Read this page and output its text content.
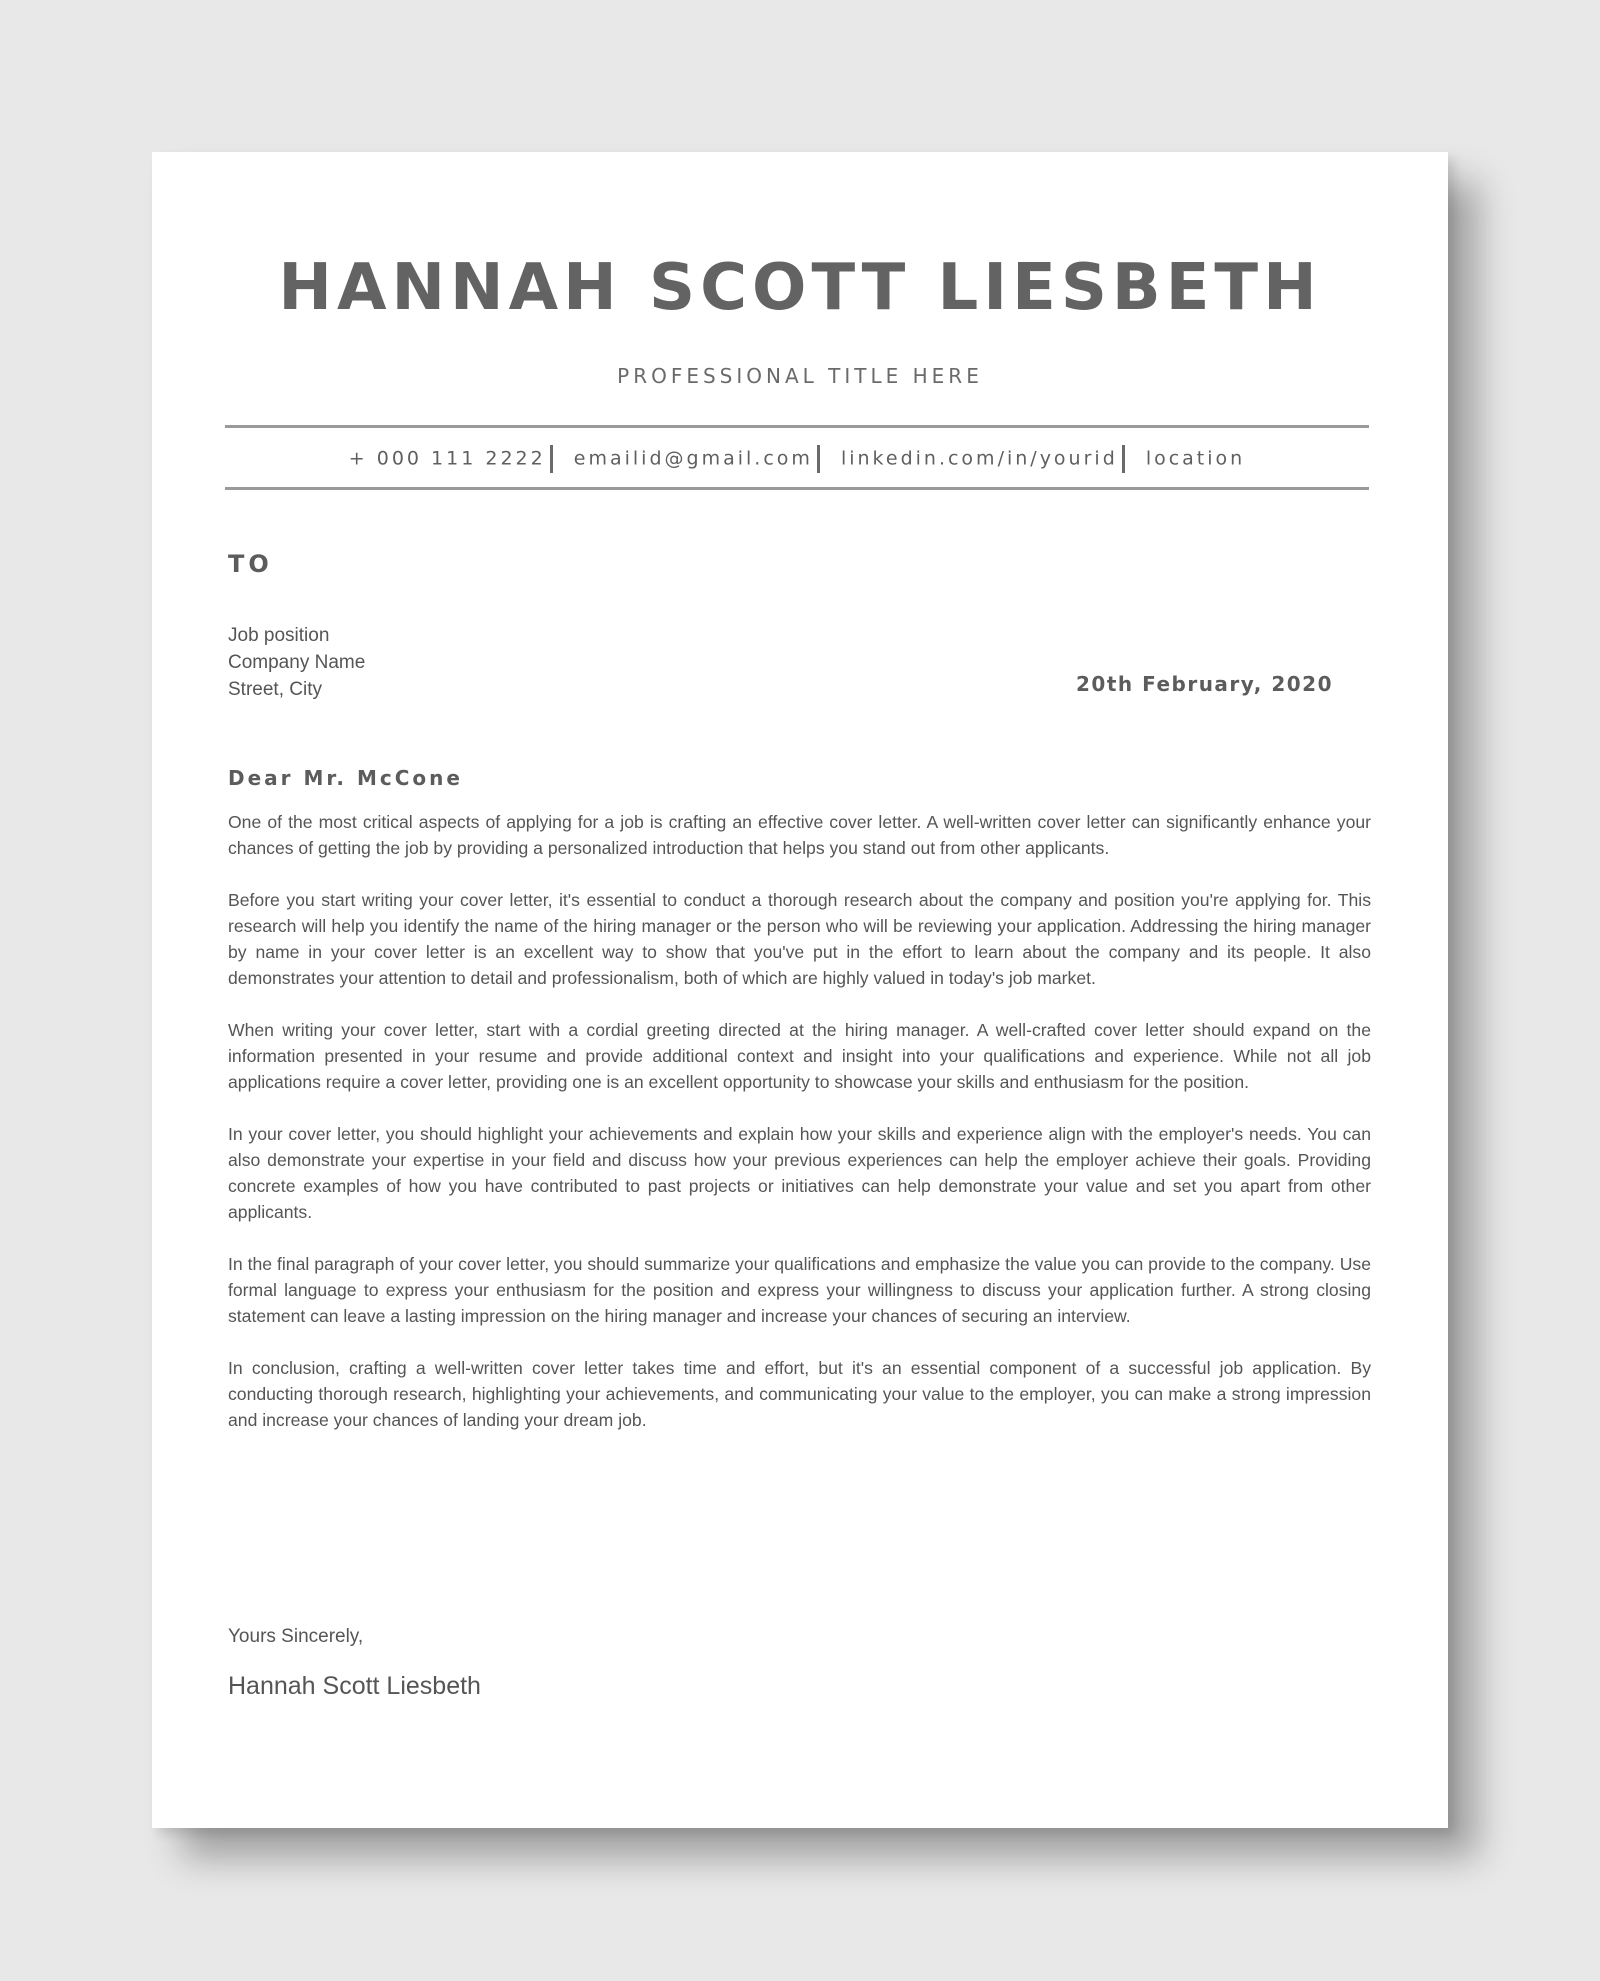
HANNAH SCOTT LIESBETH
PROFESSIONAL TITLE HERE
+ 000 111 2222 emailid@gmail.com linkedin.com/in/yourid location
TO
Job position
Company Name
Street, City	20th February, 2020
Dear Mr. McCone

One of the most critical aspects of applying for a job is crafting an effective cover letter. A well-written cover letter can significantly enhance your chances of getting the job by providing a personalized introduction that helps you stand out from other applicants.

Before you start writing your cover letter, it's essential to conduct a thorough research about the company and position you're applying for. This research will help you identify the name of the hiring manager or the person who will be reviewing your application. Addressing the hiring manager by name in your cover letter is an excellent way to show that you've put in the effort to learn about the company and its people. It also demonstrates your attention to detail and professionalism, both of which are highly valued in today's job market.

When writing your cover letter, start with a cordial greeting directed at the hiring manager. A well-crafted cover letter should expand on the information presented in your resume and provide additional context and insight into your qualifications and experience. While not all job applications require a cover letter, providing one is an excellent opportunity to showcase your skills and enthusiasm for the position.

In your cover letter, you should highlight your achievements and explain how your skills and experience align with the employer's needs. You can also demonstrate your expertise in your field and discuss how your previous experiences can help the employer achieve their goals. Providing concrete examples of how you have contributed to past projects or initiatives can help demonstrate your value and set you apart from other applicants.

In the final paragraph of your cover letter, you should summarize your qualifications and emphasize the value you can provide to the company. Use formal language to express your enthusiasm for the position and express your willingness to discuss your application further. A strong closing statement can leave a lasting impression on the hiring manager and increase your chances of securing an interview.

In conclusion, crafting a well-written cover letter takes time and effort, but it's an essential component of a successful job application. By conducting thorough research, highlighting your achievements, and communicating your value to the employer, you can make a strong impression and increase your chances of landing your dream job.

Yours Sincerely,
Hannah Scott Liesbeth
